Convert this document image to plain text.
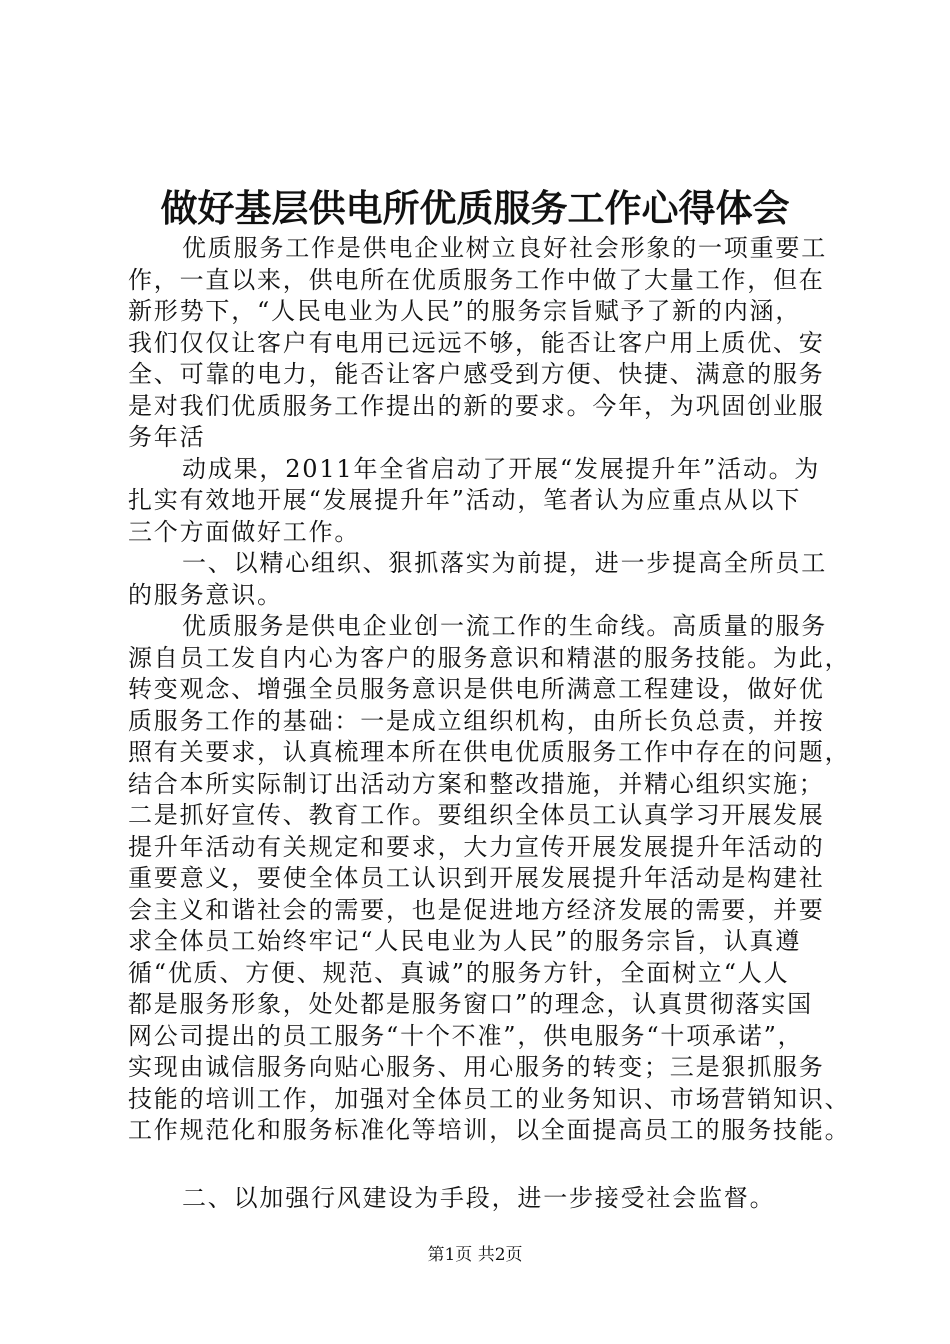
做好基层供电所优质服务工作心得体会
优质服务工作是供电企业树立良好社会形象的一项重要工
作，一直以来，供电所在优质服务工作中做了大量工作，但在
新形势下，“人民电业为人民”的服务宗旨赋予了新的内涵，
我们仅仅让客户有电用已远远不够，能否让客户用上质优、安
全、可靠的电力，能否让客户感受到方便、快捷、满意的服务
是对我们优质服务工作提出的新的要求。今年，为巩固创业服
务年活
动成果，2011年全省启动了开展“发展提升年”活动。为
扎实有效地开展“发展提升年”活动，笔者认为应重点从以下
三个方面做好工作。
一、以精心组织、狠抓落实为前提，进一步提高全所员工
的服务意识。
优质服务是供电企业创一流工作的生命线。高质量的服务
源自员工发自内心为客户的服务意识和精湛的服务技能。为此，
转变观念、增强全员服务意识是供电所满意工程建设，做好优
质服务工作的基础：一是成立组织机构，由所长负总责，并按
照有关要求，认真梳理本所在供电优质服务工作中存在的问题，
结合本所实际制订出活动方案和整改措施，并精心组织实施；
二是抓好宣传、教育工作。要组织全体员工认真学习开展发展
提升年活动有关规定和要求，大力宣传开展发展提升年活动的
重要意义，要使全体员工认识到开展发展提升年活动是构建社
会主义和谐社会的需要，也是促进地方经济发展的需要，并要
求全体员工始终牢记“人民电业为人民”的服务宗旨，认真遵
循“优质、方便、规范、真诚”的服务方针，全面树立“人人
都是服务形象，处处都是服务窗口”的理念，认真贯彻落实国
网公司提出的员工服务“十个不准”，供电服务“十项承诺”，
实现由诚信服务向贴心服务、用心服务的转变；三是狠抓服务
技能的培训工作，加强对全体员工的业务知识、市场营销知识、
工作规范化和服务标准化等培训，以全面提高员工的服务技能。
二、以加强行风建设为手段，进一步接受社会监督。
第1页 共2页
